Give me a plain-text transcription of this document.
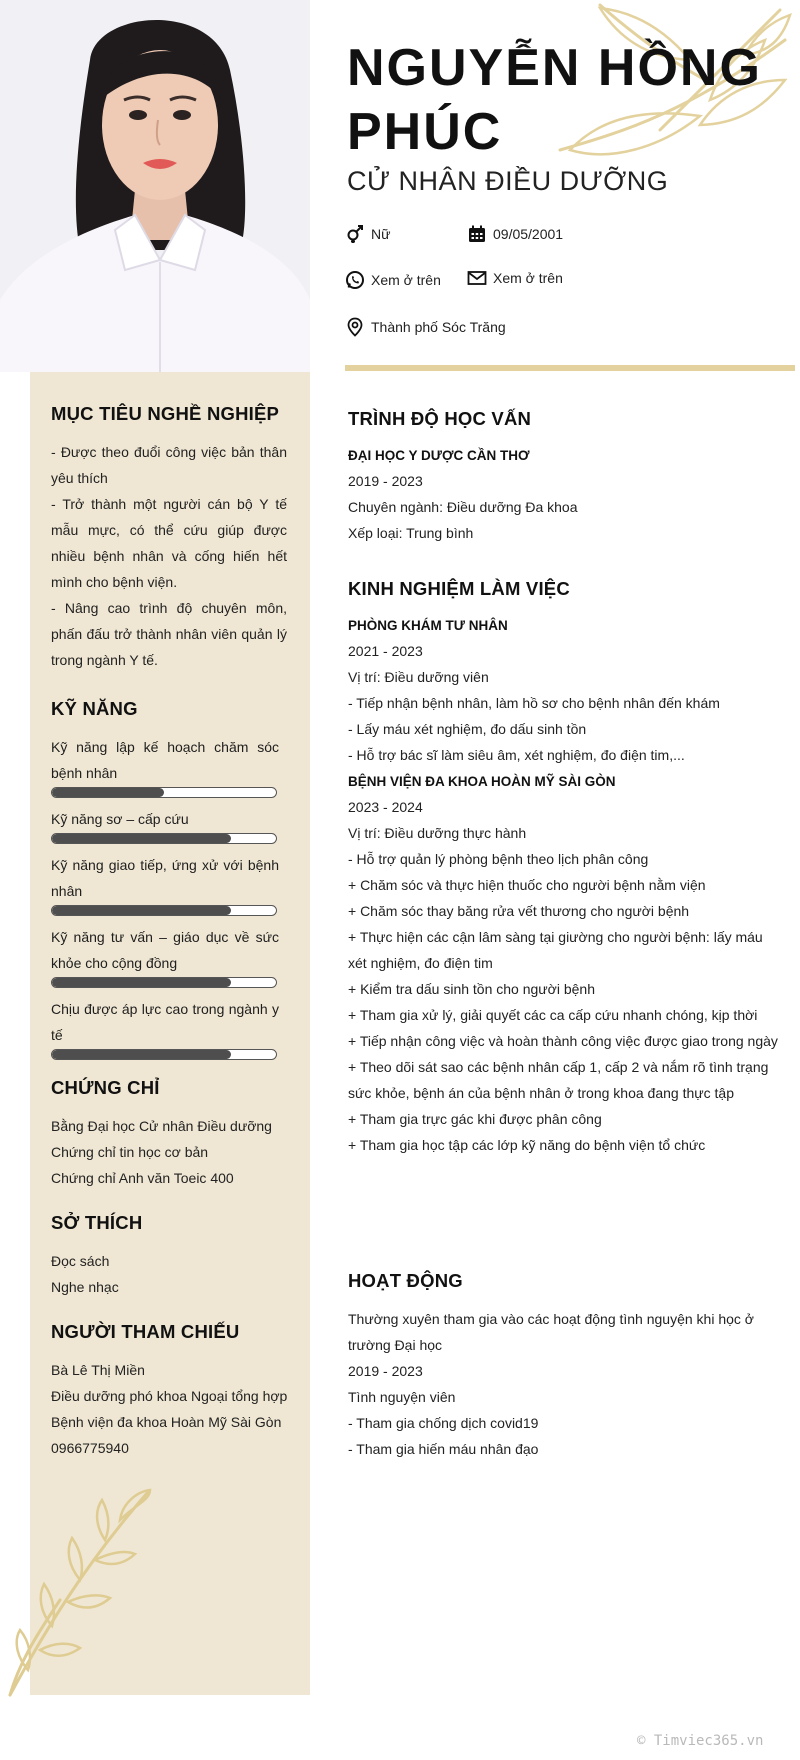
NGUYỄN HỒNG
PHÚC
CỬ NHÂN ĐIỀU DƯỠNG
Nữ	09/05/2001
Xem ở trên	Xem ở trên
Thành phố Sóc Trăng
MỤC TIÊU NGHỀ NGHIỆP
- Được theo đuổi công việc bản thân yêu thích
- Trở thành một người cán bộ Y tế mẫu mực, có thể cứu giúp được nhiều bệnh nhân và cống hiến hết mình cho bệnh viện.
- Nâng cao trình độ chuyên môn, phấn đấu trở thành nhân viên quản lý trong ngành Y tế.
KỸ NĂNG
Kỹ năng lập kế hoạch chăm sóc bệnh nhân
Kỹ năng sơ – cấp cứu
Kỹ năng giao tiếp, ứng xử với bệnh nhân
Kỹ năng tư vấn – giáo dục về sức khỏe cho cộng đồng
Chịu được áp lực cao trong ngành y tế
CHỨNG CHỈ
Bằng Đại học Cử nhân Điều dưỡng
Chứng chỉ tin học cơ bản
Chứng chỉ Anh văn Toeic 400
SỞ THÍCH
Đọc sách
Nghe nhạc
NGƯỜI THAM CHIẾU
Bà Lê Thị Miền
Điều dưỡng phó khoa Ngoại tổng hợp
Bệnh viện đa khoa Hoàn Mỹ Sài Gòn
0966775940
TRÌNH ĐỘ HỌC VẤN
ĐẠI HỌC Y DƯỢC CẦN THƠ
2019 - 2023
Chuyên ngành: Điều dưỡng Đa khoa
Xếp loại: Trung bình
KINH NGHIỆM LÀM VIỆC
PHÒNG KHÁM TƯ NHÂN
2021 - 2023
Vị trí: Điều dưỡng viên
- Tiếp nhận bệnh nhân, làm hồ sơ cho bệnh nhân đến khám
- Lấy máu xét nghiệm, đo dấu sinh tồn
- Hỗ trợ bác sĩ làm siêu âm, xét nghiệm, đo điện tim,...
BỆNH VIỆN ĐA KHOA HOÀN MỸ SÀI GÒN
2023 - 2024
Vị trí: Điều dưỡng thực hành
- Hỗ trợ quản lý phòng bệnh theo lịch phân công
+ Chăm sóc và thực hiện thuốc cho người bệnh nằm viện
+ Chăm sóc thay băng rửa vết thương cho người bệnh
+ Thực hiện các cận lâm sàng tại giường cho người bệnh: lấy máu xét nghiệm, đo điện tim
+ Kiểm tra dấu sinh tồn cho người bệnh
+ Tham gia xử lý, giải quyết các ca cấp cứu nhanh chóng, kịp thời
+ Tiếp nhận công việc và hoàn thành công việc được giao trong ngày
+ Theo dõi sát sao các bệnh nhân cấp 1, cấp 2 và nắm rõ tình trạng sức khỏe, bệnh án của bệnh nhân ở trong khoa đang thực tập
+ Tham gia trực gác khi được phân công
+ Tham gia học tập các lớp kỹ năng do bệnh viện tổ chức
HOẠT ĐỘNG
Thường xuyên tham gia vào các hoạt động tình nguyện khi học ở trường Đại học
2019 - 2023
Tình nguyện viên
- Tham gia chống dịch covid19
- Tham gia hiến máu nhân đạo
© Timviec365.vn
